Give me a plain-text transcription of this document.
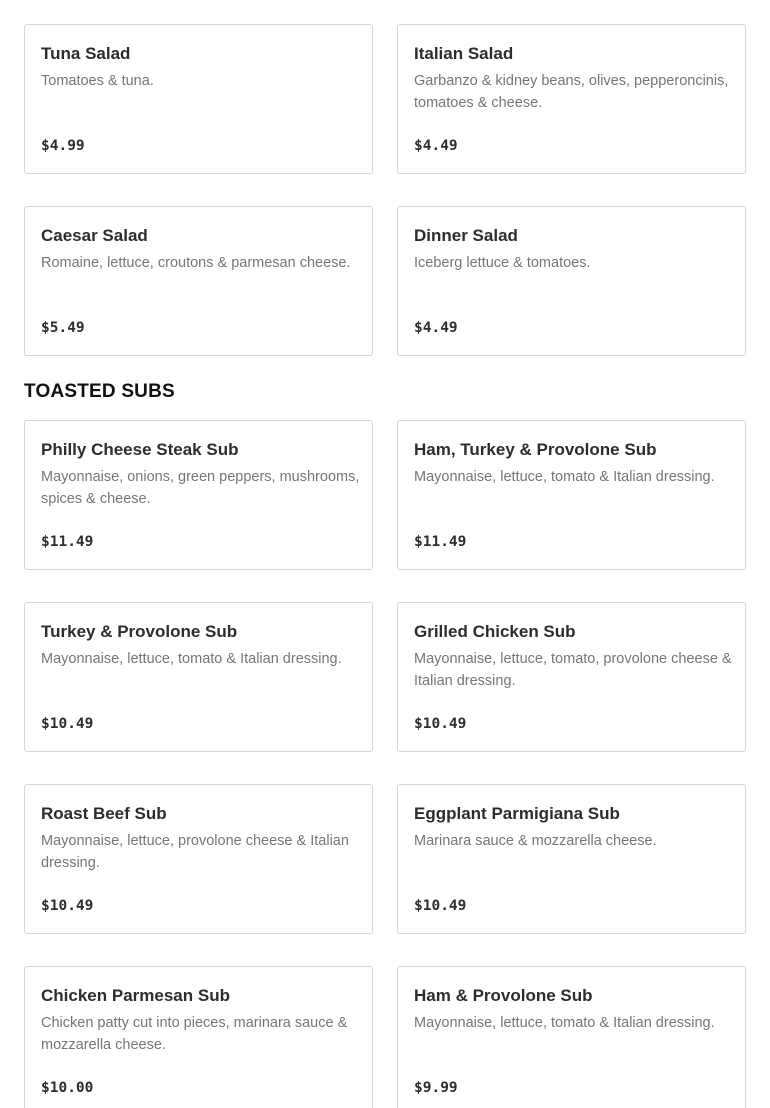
Tuna Salad
Tomatoes & tuna.
$4.99
Italian Salad
Garbanzo & kidney beans, olives, pepperoncinis, tomatoes & cheese.
$4.49
Caesar Salad
Romaine, lettuce, croutons & parmesan cheese.
$5.49
Dinner Salad
Iceberg lettuce & tomatoes.
$4.49
TOASTED SUBS
Philly Cheese Steak Sub
Mayonnaise, onions, green peppers, mushrooms, spices & cheese.
$11.49
Ham, Turkey & Provolone Sub
Mayonnaise, lettuce, tomato & Italian dressing.
$11.49
Turkey & Provolone Sub
Mayonnaise, lettuce, tomato & Italian dressing.
$10.49
Grilled Chicken Sub
Mayonnaise, lettuce, tomato, provolone cheese & Italian dressing.
$10.49
Roast Beef Sub
Mayonnaise, lettuce, provolone cheese & Italian dressing.
$10.49
Eggplant Parmigiana Sub
Marinara sauce & mozzarella cheese.
$10.49
Chicken Parmesan Sub
Chicken patty cut into pieces, marinara sauce & mozzarella cheese.
$10.00
Ham & Provolone Sub
Mayonnaise, lettuce, tomato & Italian dressing.
$9.99
